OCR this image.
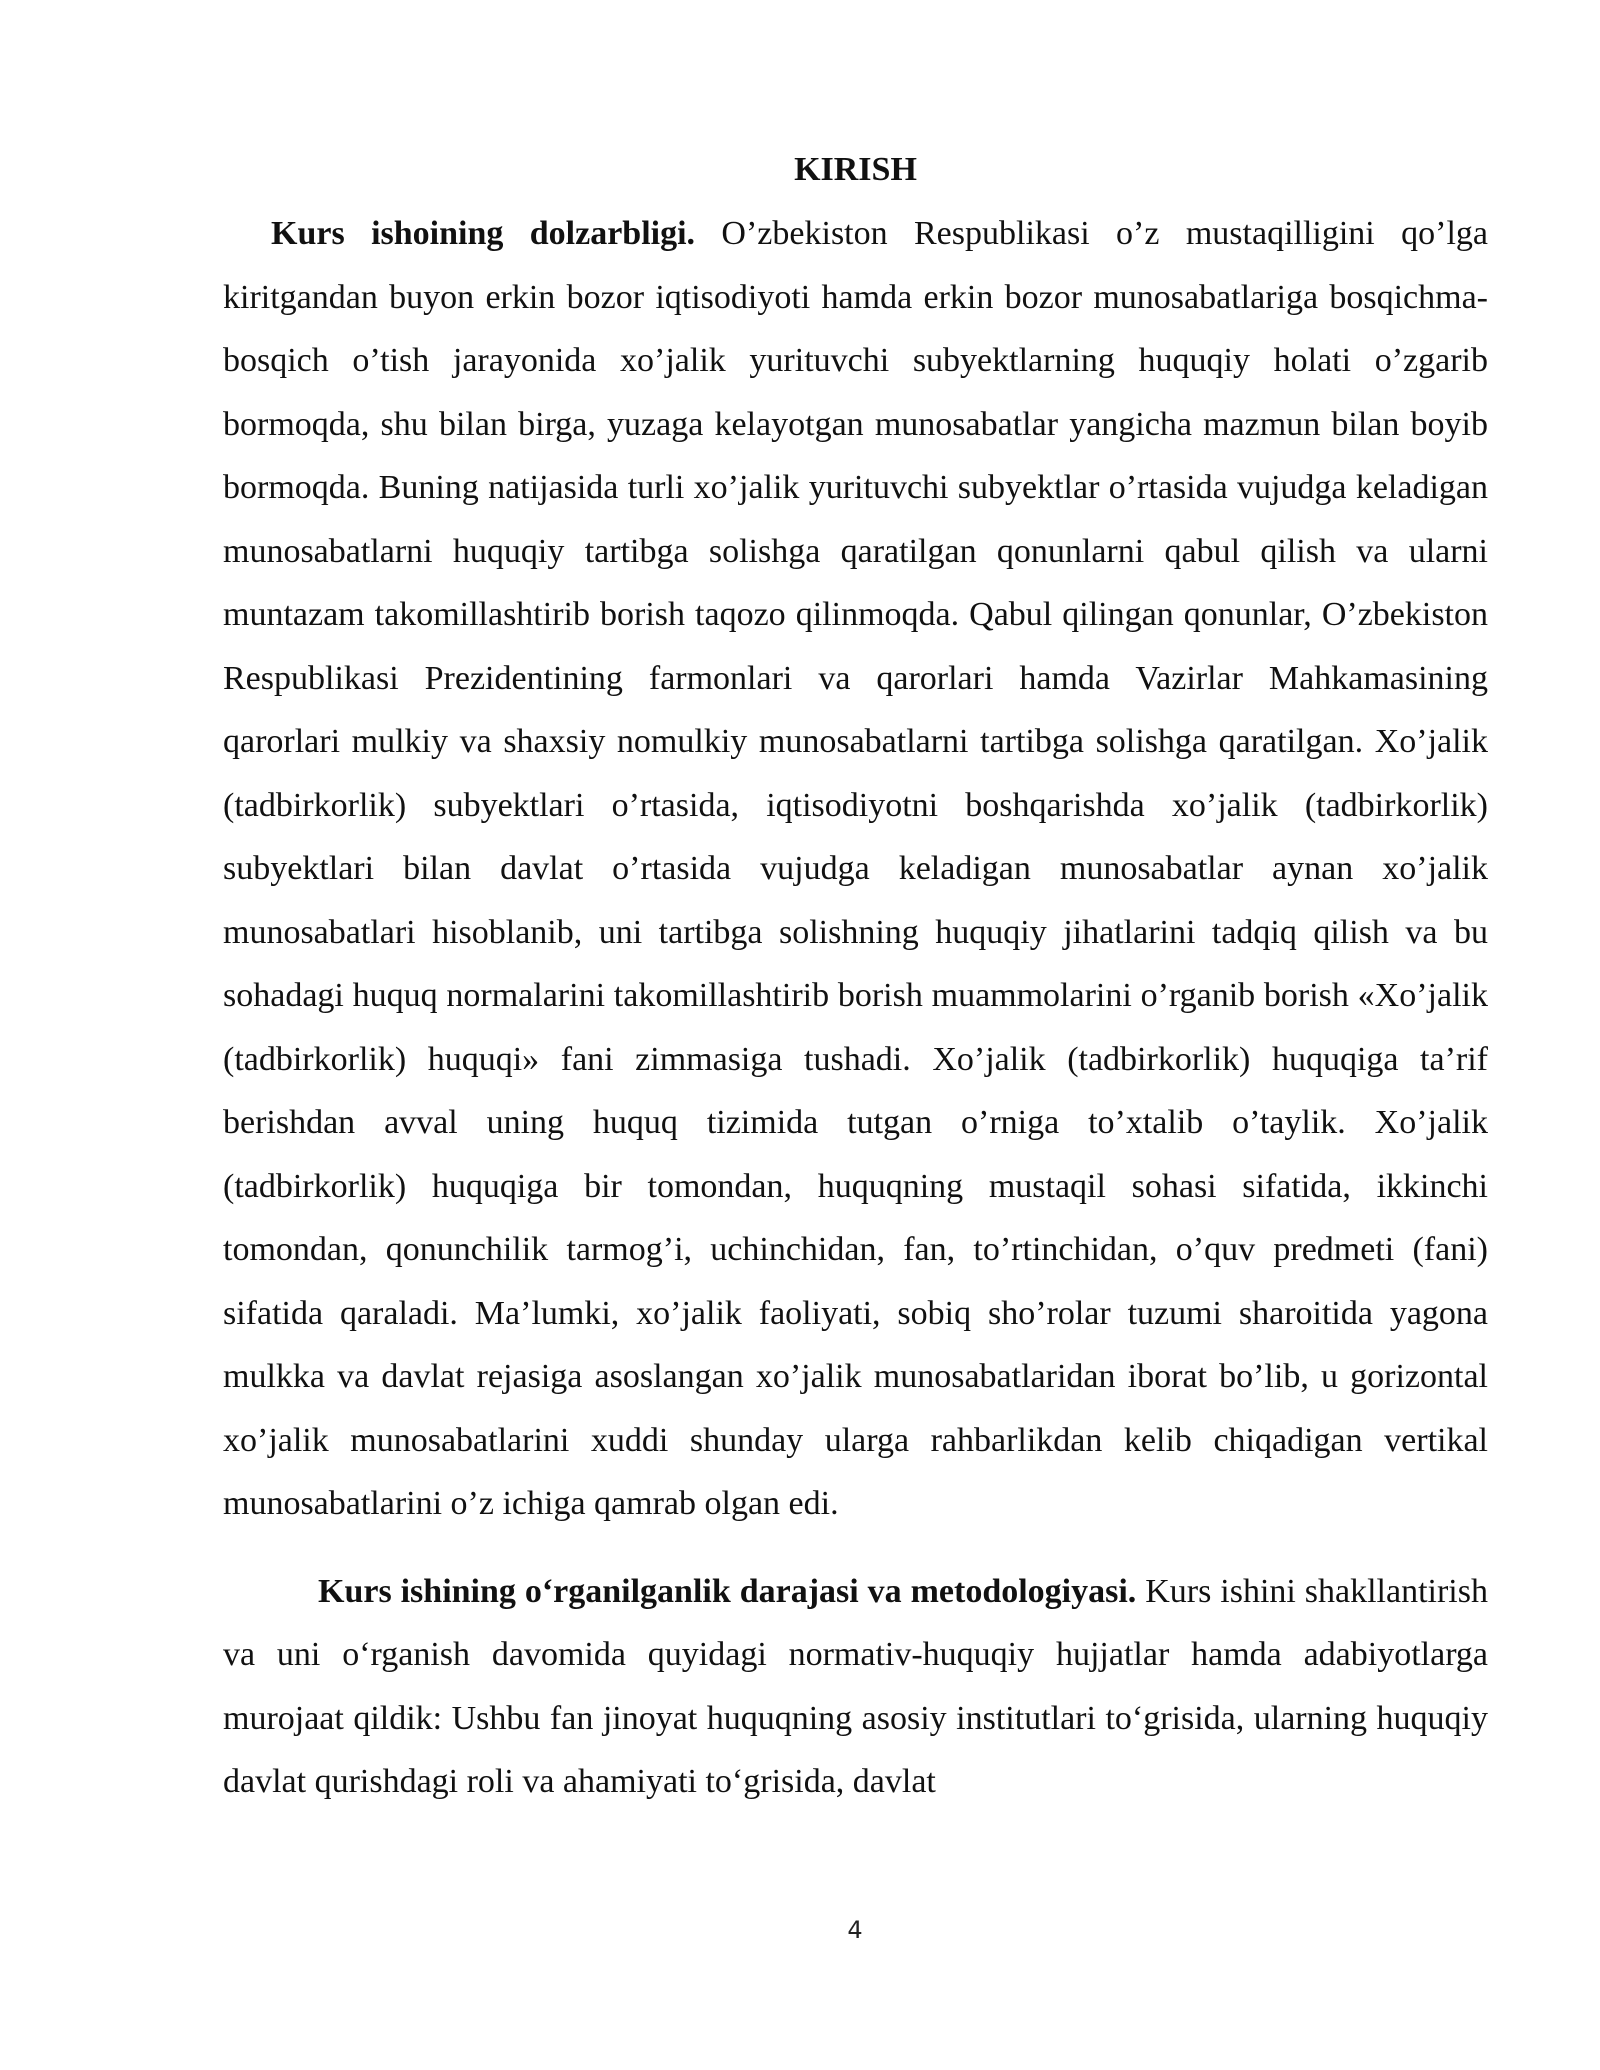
KIRISH

Kurs ishoining dolzarbligi. O’zbekiston Respublikasi o’z mustaqilligini qo’lga kiritgandan buyon erkin bozor iqtisodiyoti hamda erkin bozor munosabatlariga bosqichma-bosqich o’tish jarayonida xo’jalik yurituvchi subyektlarning huquqiy holati o’zgarib bormoqda, shu bilan birga, yuzaga kelayotgan munosabatlar yangicha mazmun bilan boyib bormoqda. Buning natijasida turli xo’jalik yurituvchi subyektlar o’rtasida vujudga keladigan munosabatlarni huquqiy tartibga solishga qaratilgan qonunlarni qabul qilish va ularni muntazam takomillashtirib borish taqozo qilinmoqda. Qabul qilingan qonunlar, O’zbekiston Respublikasi Prezidentining farmonlari va qarorlari hamda Vazirlar Mahkamasining qarorlari mulkiy va shaxsiy nomulkiy munosabatlarni tartibga solishga qaratilgan. Xo’jalik (tadbirkorlik) subyektlari o’rtasida, iqtisodiyotni boshqarishda xo’jalik (tadbirkorlik) subyektlari bilan davlat o’rtasida vujudga keladigan munosabatlar aynan xo’jalik munosabatlari hisoblanib, uni tartibga solishning huquqiy jihatlarini tadqiq qilish va bu sohadagi huquq normalarini takomillashtirib borish muammolarini o’rganib borish «Xo’jalik (tadbirkorlik) huquqi» fani zimmasiga tushadi. Xo’jalik (tadbirkorlik) huquqiga ta’rif berishdan avval uning huquq tizimida tutgan o’rniga to’xtalib o’taylik. Xo’jalik (tadbirkorlik) huquqiga bir tomondan, huquqning mustaqil sohasi sifatida, ikkinchi tomondan, qonunchilik tarmog’i, uchinchidan, fan, to’rtinchidan, o’quv predmeti (fani) sifatida qaraladi. Ma’lumki, xo’jalik faoliyati, sobiq sho’rolar tuzumi sharoitida yagona mulkka va davlat rejasiga asoslangan xo’jalik munosabatlaridan iborat bo’lib, u gorizontal xo’jalik munosabatlarini xuddi shunday ularga rahbarlikdan kelib chiqadigan vertikal munosabatlarini o’z ichiga qamrab olgan edi.

Kurs ishining o‘rganilganlik darajasi va metodologiyasi. Kurs ishini shakllantirish va uni o‘rganish davomida quyidagi normativ-huquqiy hujjatlar hamda adabiyotlarga murojaat qildik: Ushbu fan jinoyat huquqning asosiy institutlari to‘grisida, ularning huquqiy davlat qurishdagi roli va ahamiyati to‘grisida, davlat

4
